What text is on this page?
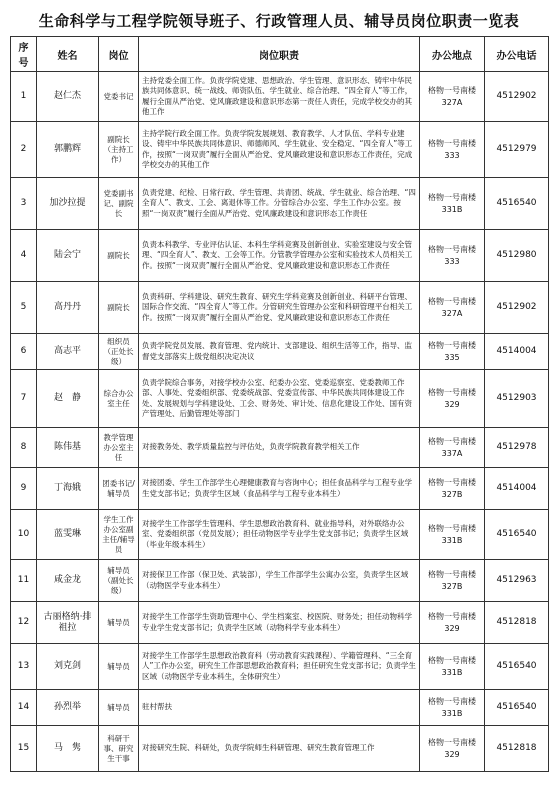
生命科学与工程学院领导班子、行政管理人员、辅导员岗位职责一览表
序号	姓名	岗位	岗位职责	办公地点	办公电话
1	赵仁杰	党委书记	主持党委全面工作。负责学院党建、思想政治、学生管理、意识形态、铸牢中华民族共同体意识、统一战线、师资队伍、学生就业、综合治理、“四全育人”等工作，履行全面从严治党、党风廉政建设和意识形态第一责任人责任，完成学校交办的其他工作	格物一号南楼327A	4512902
2	郭鹏辉	副院长（主持工作）	主持学院行政全面工作。负责学院发展规划、教育教学、人才队伍、学科专业建设、铸牢中华民族共同体意识、师德师风、学生就业、安全稳定、“四全育人”等工作，按照“一岗双责”履行全面从严治党、党风廉政建设和意识形态工作责任，完成学校交办的其他工作	格物一号南楼333	4512979
3	加沙拉提	党委副书记、副院长	负责党建、纪检、日常行政、学生管理、共青团、统战、学生就业、综合治理、“四全育人”、教支、工会、离退休等工作。分管综合办公室、学生工作办公室。按照“一岗双责”履行全面从严治党、党风廉政建设和意识形态工作责任	格物一号南楼331B	4516540
4	陆会宁	副院长	负责本科教学、专业评估认证、本科生学科竞赛及创新创业、实验室建设与安全管理、“四全育人”、教支、工会等工作。分管教学管理办公室和实验技术人员相关工作。按照“一岗双责”履行全面从严治党、党风廉政建设和意识形态工作责任	格物一号南楼333	4512980
5	高丹丹	副院长	负责科研、学科建设、研究生教育、研究生学科竞赛及创新创业、科研平台管理、国际合作交流、“四全育人”等工作。分管研究生管理办公室和科研管理平台相关工作。按照“一岗双责”履行全面从严治党、党风廉政建设和意识形态工作责任	格物一号南楼327A	4512902
6	高志平	组织员（正处长级）	负责学院党员发展、教育管理、党内统计、支部建设、组织生活等工作，指导、监督党支部落实上级党组织决定决议	格物一号南楼335	4514004
7	赵　静	综合办公室主任	负责学院综合事务，对接学校办公室、纪委办公室、党委巡察室、党委教师工作部、人事处、党委组织部、党委统战部、党委宣传部、中华民族共同体建设工作处、发展规划与学科建设处、工会、财务处、审计处、信息化建设工作处、国有资产管理处、后勤管理处等部门	格物一号南楼329	4512903
8	陈伟基	教学管理办公室主任	对接教务处、教学质量监控与评估处，负责学院教育教学相关工作	格物一号南楼337A	4512978
9	丁海娥	团委书记/辅导员	对接团委、学生工作部学生心理健康教育与咨询中心；担任食品科学与工程专业学生党支部书记；负责学生区域（食品科学与工程专业本科生）	格物一号南楼327B	4514004
10	蓝雯琳	学生工作办公室副主任/辅导员	对接学生工作部学生管理科、学生思想政治教育科、就业指导科，对外联络办公室、党委组织部（党员发展）；担任动物医学专业学生党支部书记；负责学生区域（毕业年级本科生）	格物一号南楼331B	4516540
11	咸金龙	辅导员（副处长级）	对接保卫工作部（保卫处、武装部），学生工作部学生公寓办公室，负责学生区域（动物医学专业本科生）	格物一号南楼327B	4512963
12	古丽格纳·排祖拉	辅导员	对接学生工作部学生资助管理中心、学生档案室、校医院、财务处；担任动物科学专业学生党支部书记；负责学生区域（动物科学专业本科生）	格物一号南楼329	4512818
13	刘克剑	辅导员	对接学生工作部学生思想政治教育科（劳动教育实践课程）、学籍管理科、“三全育人”工作办公室，研究生工作部思想政治教育科；担任研究生党支部书记；负责学生区域（动物医学专业本科生，全体研究生）	格物一号南楼331B	4516540
14	孙烈举	辅导员	驻村帮扶	格物一号南楼331B	4516540
15	马　隽	科研干事、研究生干事	对接研究生院、科研处，负责学院师生科研管理、研究生教育管理工作	格物一号南楼329	4512818
